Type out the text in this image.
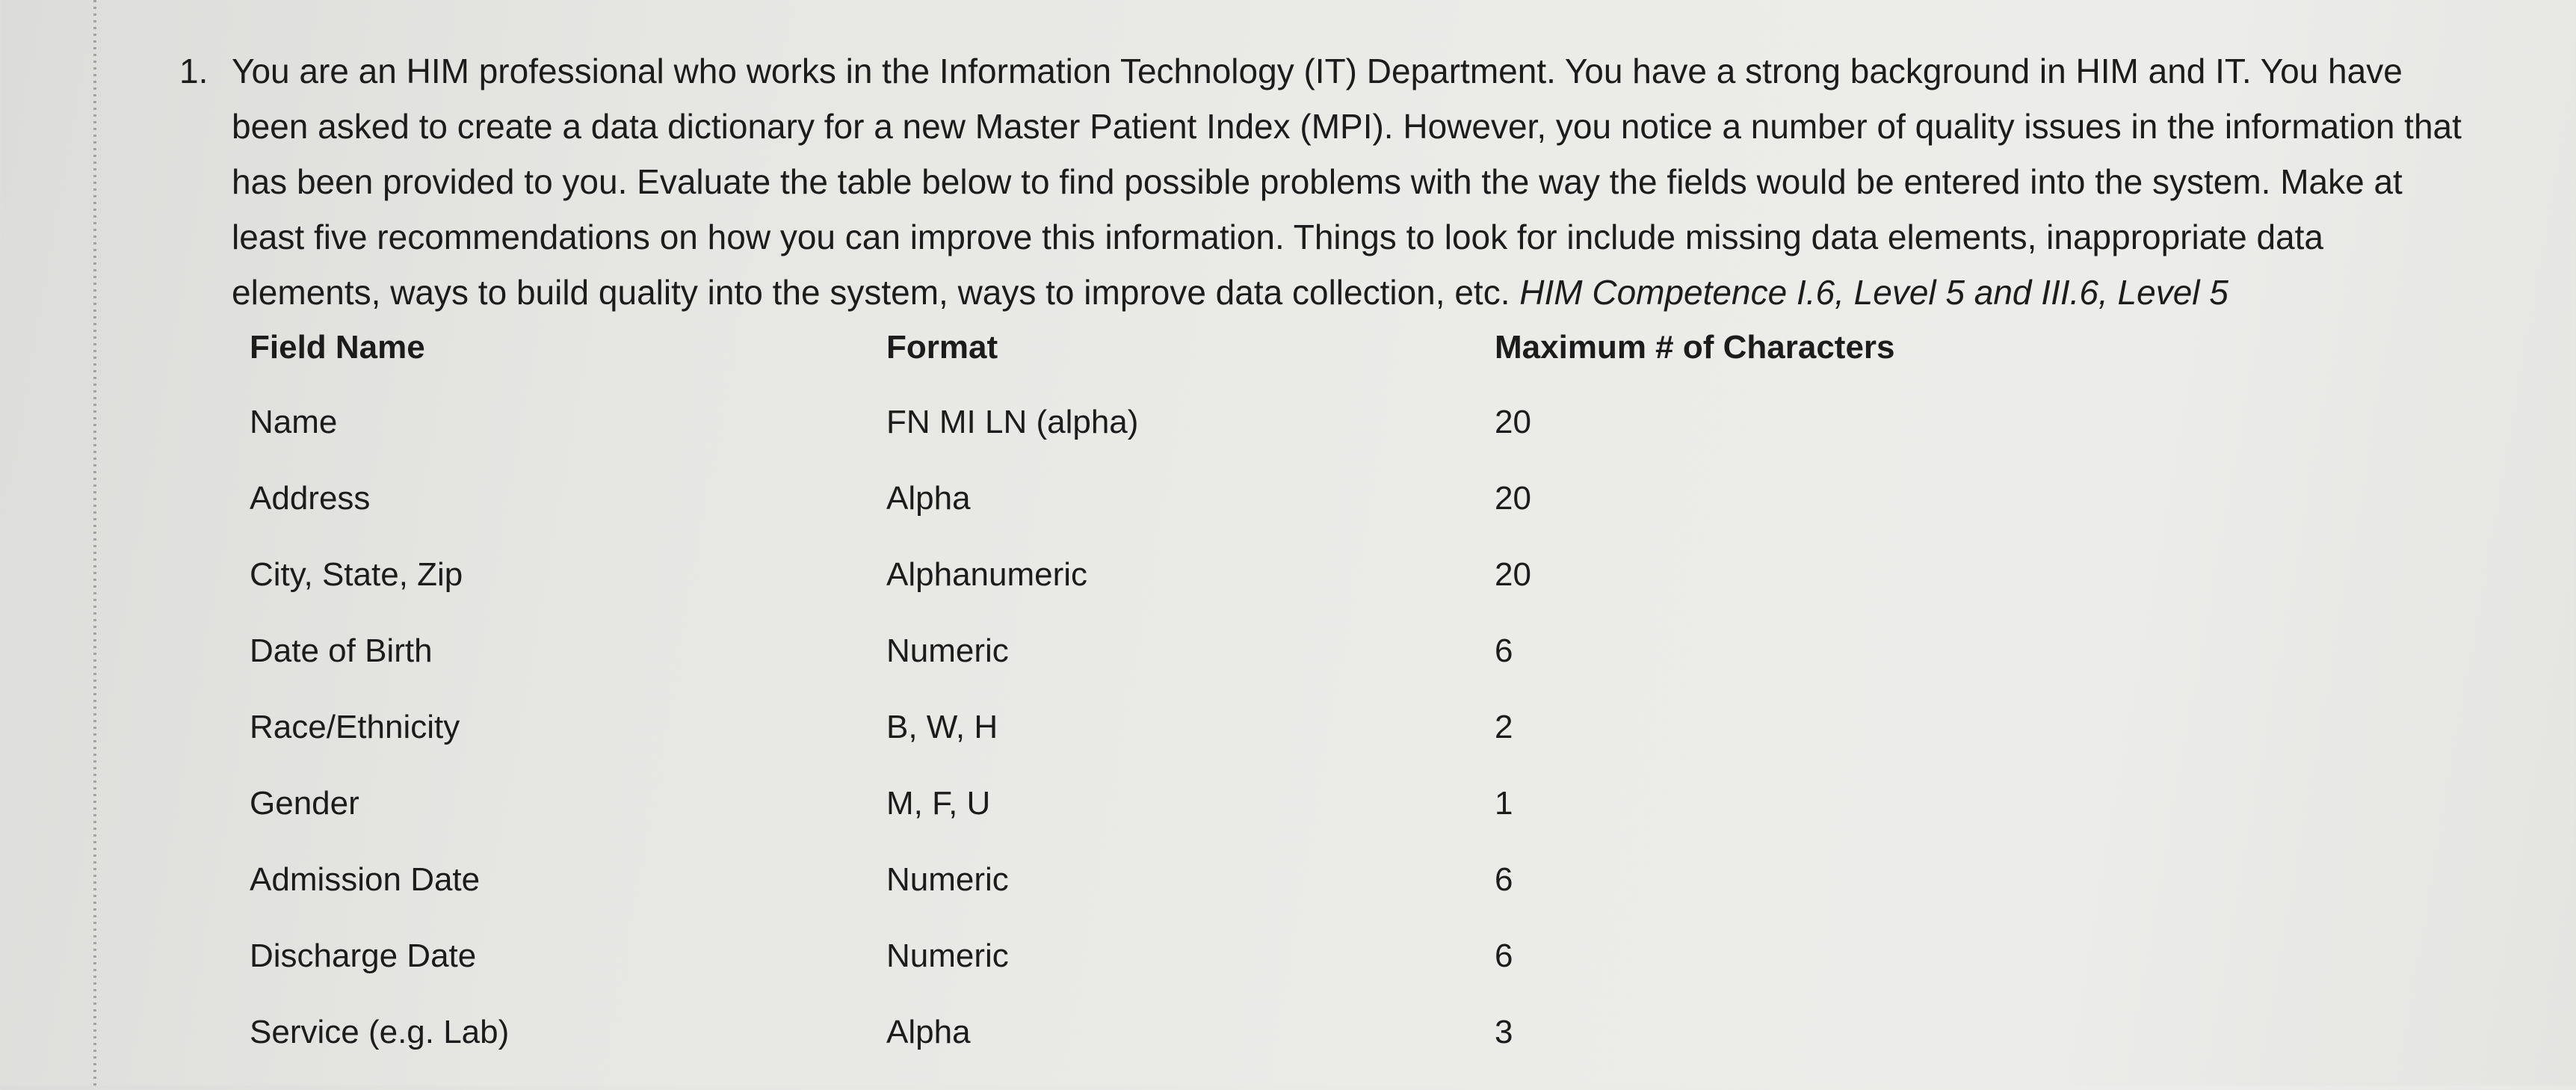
1. You are an HIM professional who works in the Information Technology (IT) Department. You have a strong background in HIM and IT. You have been asked to create a data dictionary for a new Master Patient Index (MPI). However, you notice a number of quality issues in the information that has been provided to you. Evaluate the table below to find possible problems with the way the fields would be entered into the system. Make at least five recommendations on how you can improve this information. Things to look for include missing data elements, inappropriate data elements, ways to build quality into the system, ways to improve data collection, etc. HIM Competence I.6, Level 5 and III.6, Level 5
Field Name	Format	Maximum # of Characters
Name	FN MI LN (alpha)	20
Address	Alpha	20
City, State, Zip	Alphanumeric	20
Date of Birth	Numeric	6
Race/Ethnicity	B, W, H	2
Gender	M, F, U	1
Admission Date	Numeric	6
Discharge Date	Numeric	6
Service (e.g. Lab)	Alpha	3
